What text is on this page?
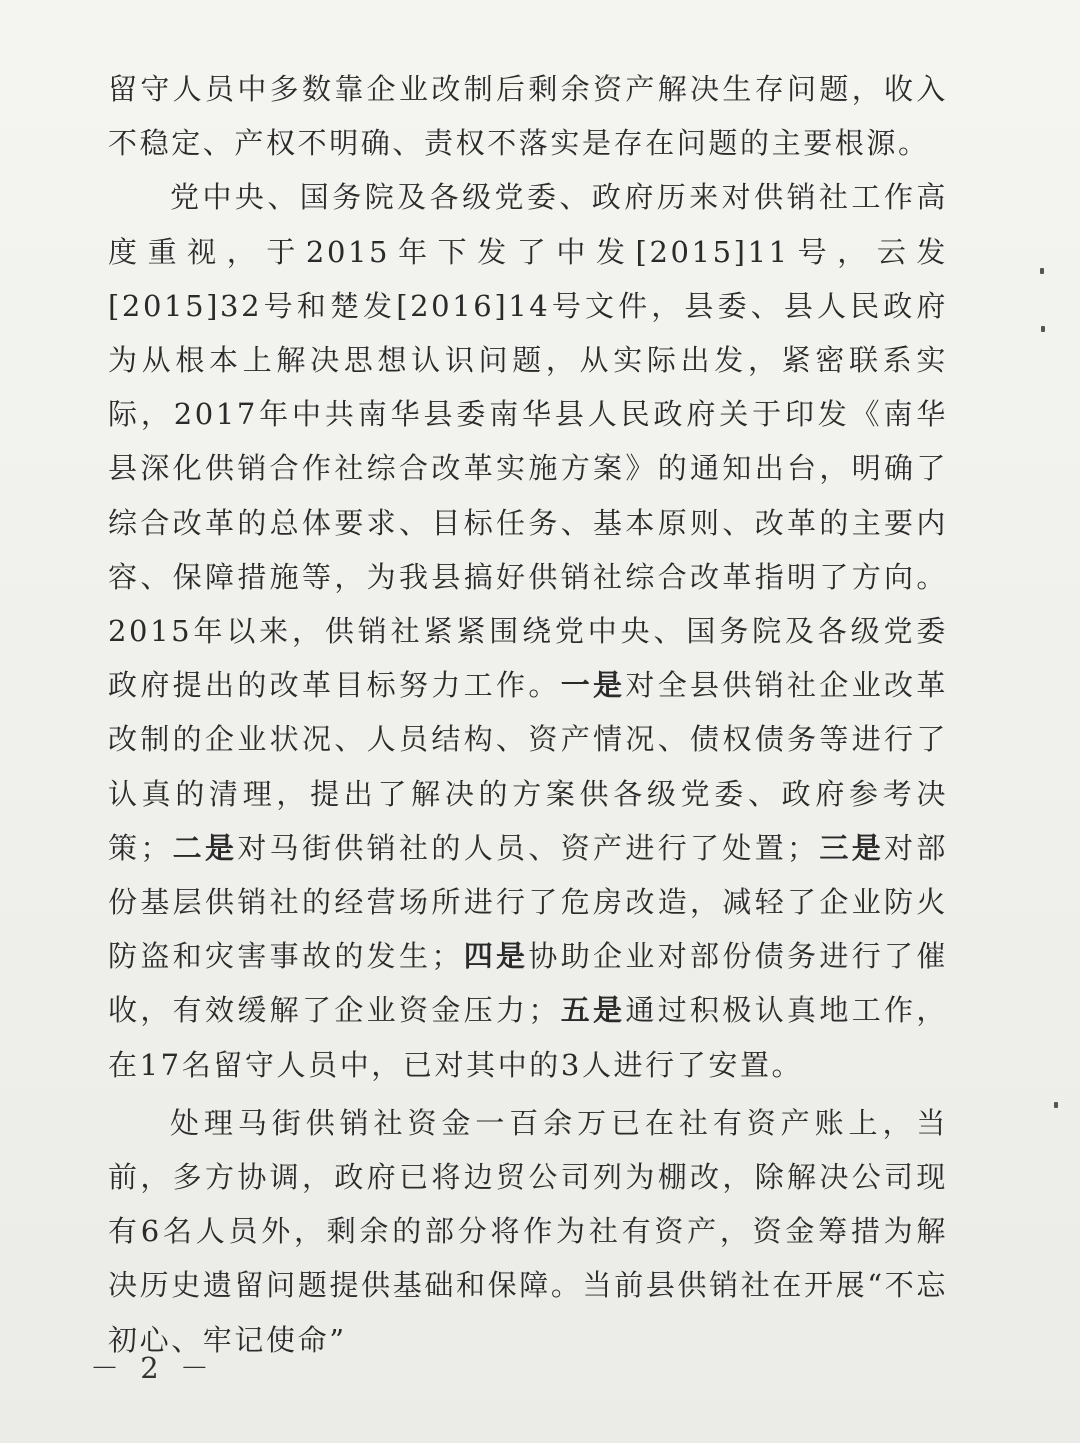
留守人员中多数靠企业改制后剩余资产解决生存问题，收入不稳定、产权不明确、责权不落实是存在问题的主要根源。

党中央、国务院及各级党委、政府历来对供销社工作高度重视，于2015年下发了中发[2015]11号，云发[2015]32号和楚发[2016]14号文件，县委、县人民政府为从根本上解决思想认识问题，从实际出发，紧密联系实际，2017年中共南华县委南华县人民政府关于印发《南华县深化供销合作社综合改革实施方案》的通知出台，明确了综合改革的总体要求、目标任务、基本原则、改革的主要内容、保障措施等，为我县搞好供销社综合改革指明了方向。2015年以来，供销社紧紧围绕党中央、国务院及各级党委政府提出的改革目标努力工作。一是对全县供销社企业改革改制的企业状况、人员结构、资产情况、债权债务等进行了认真的清理，提出了解决的方案供各级党委、政府参考决策；二是对马街供销社的人员、资产进行了处置；三是对部份基层供销社的经营场所进行了危房改造，减轻了企业防火防盗和灾害事故的发生；四是协助企业对部份债务进行了催收，有效缓解了企业资金压力；五是通过积极认真地工作，在17名留守人员中，已对其中的3人进行了安置。

处理马街供销社资金一百余万已在社有资产账上，当前，多方协调，政府已将边贸公司列为棚改，除解决公司现有6名人员外，剩余的部分将作为社有资产，资金筹措为解决历史遗留问题提供基础和保障。当前县供销社在开展“不忘初心、牢记使命”

－ 2 －
